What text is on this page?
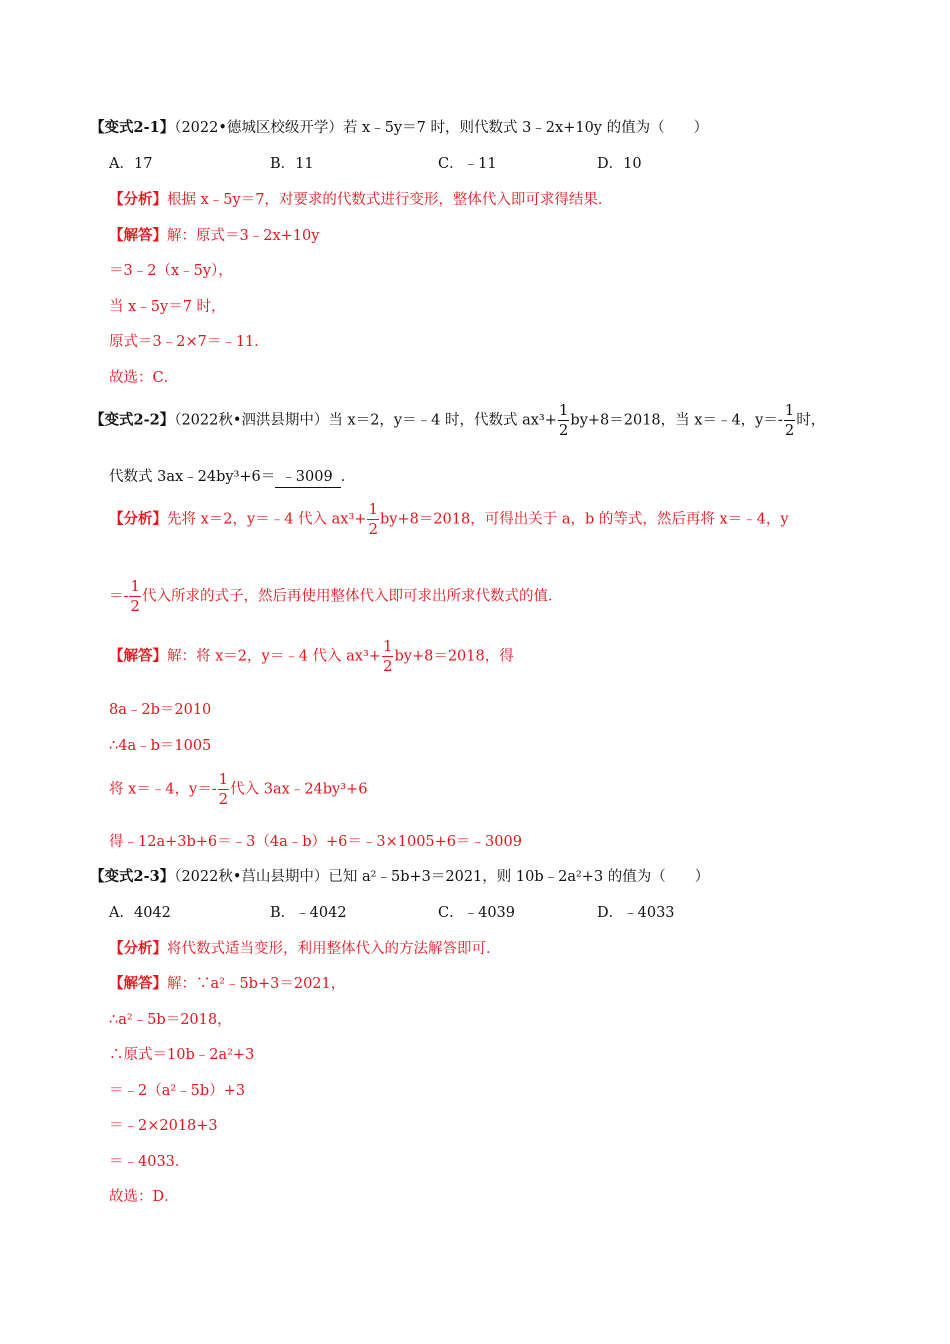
【变式2-1】（2022•德城区校级开学）若 x﹣5y＝7 时，则代数式 3﹣2x+10y 的值为（　　）
A．17	B．11	C．﹣11	D．10
【分析】根据 x﹣5y＝7，对要求的代数式进行变形，整体代入即可求得结果．
【解答】解：原式＝3﹣2x+10y
＝3﹣2（x﹣5y），
当 x﹣5y＝7 时，
原式＝3﹣2×7＝﹣11．
故选：C．
【变式2-2】（2022秋•泗洪县期中）当 x＝2，y＝﹣4 时，代数式 $ax^3+ \frac{1}{2} by+8=2018$，当 x＝﹣4，$y=- \frac{1}{2}$ 时，
代数式 3ax﹣24by³+6＝ ﹣3009 ．
【分析】先将 x＝2，y＝﹣4 代入 $ax^3+ \frac{1}{2} by+8=2018$，可得出关于 a，b 的等式，然后再将 x＝﹣4，y
＝- $\frac{1}{2}$ 代入所求的式子，然后再使用整体代入即可求出所求代数式的值．
【解答】解：将 x＝2，y＝﹣4 代入 $ax^3+ \frac{1}{2} by+8=2018$，得
8a﹣2b＝2010
∴4a﹣b＝1005
将 x＝﹣4，$y=- \frac{1}{2}$ 代入 3ax﹣24by³+6
得﹣12a+3b+6＝﹣3（4a﹣b）+6＝﹣3×1005+6＝﹣3009
【变式2-3】（2022秋•莒山县期中）已知 a²﹣5b+3＝2021，则 10b﹣2a²+3 的值为（　　）
A．4042	B．﹣4042	C．﹣4039	D．﹣4033
【分析】将代数式适当变形，利用整体代入的方法解答即可．
【解答】解：∵a²﹣5b+3＝2021，
∴a²﹣5b＝2018，
∴原式＝10b﹣2a²+3
＝﹣2（a²﹣5b）+3
＝﹣2×2018+3
＝﹣4033．
故选：D．
